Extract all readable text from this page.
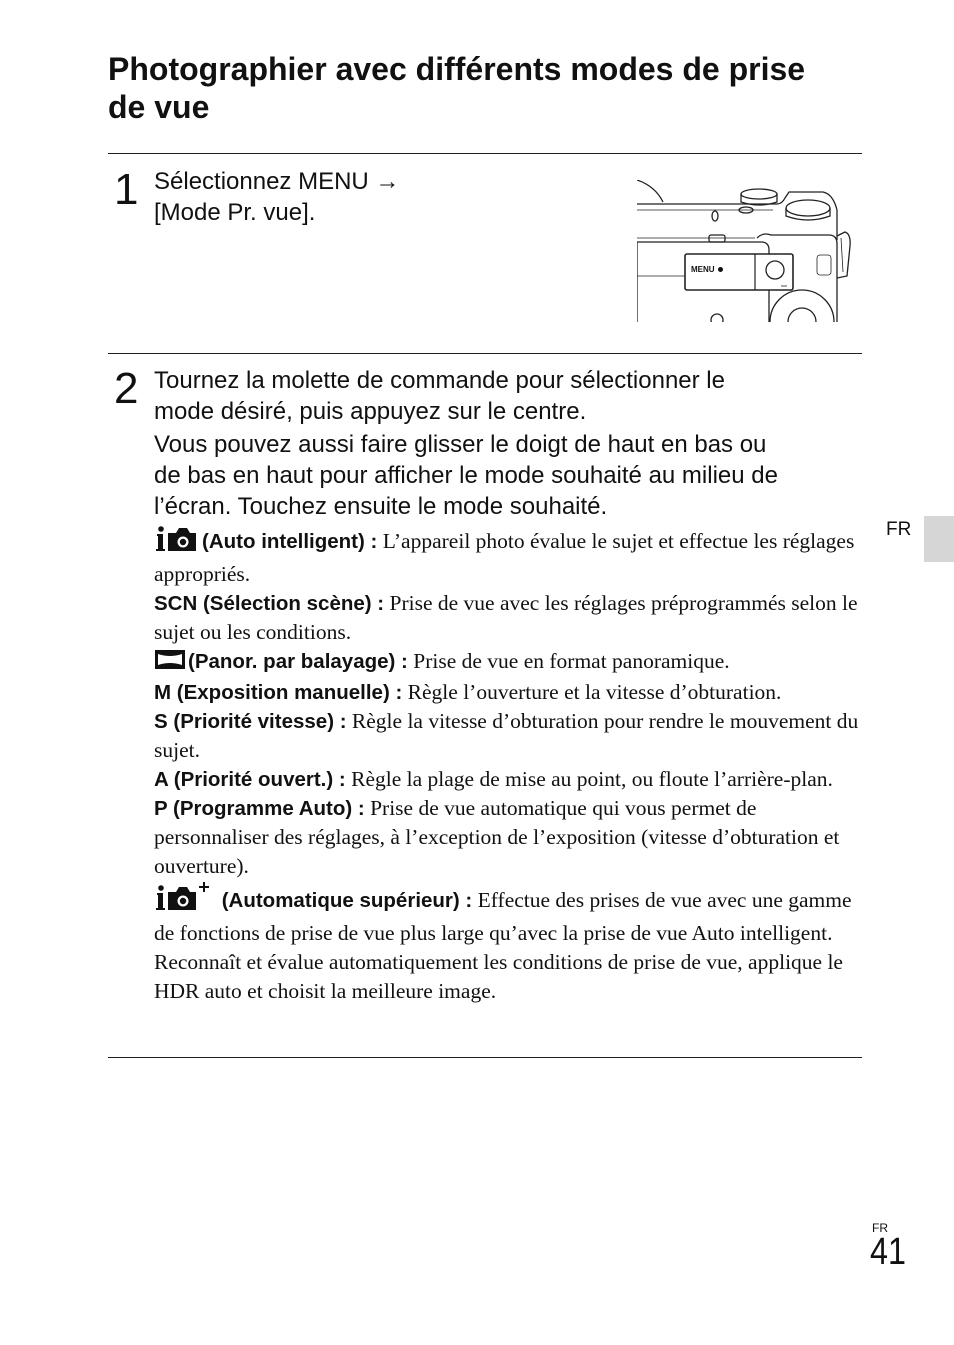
Photographier avec différents modes de prise de vue
1 Sélectionnez MENU →
[Mode Pr. vue].
MENU
2 Tournez la molette de commande pour sélectionner le
mode désiré, puis appuyez sur le centre.
Vous pouvez aussi faire glisser le doigt de haut en bas ou
de bas en haut pour afficher le mode souhaité au milieu de
l’écran. Touchez ensuite le mode souhaité.

(Auto intelligent) : L’appareil photo évalue le sujet et effectue les réglages appropriés.

SCN (Sélection scène) : Prise de vue avec les réglages préprogrammés selon le sujet ou les conditions.

(Panor. par balayage) : Prise de vue en format panoramique.

M (Exposition manuelle) : Règle l’ouverture et la vitesse d’obturation.

S (Priorité vitesse) : Règle la vitesse d’obturation pour rendre le mouvement du sujet.

A (Priorité ouvert.) : Règle la plage de mise au point, ou floute l’arrière-plan.

P (Programme Auto) : Prise de vue automatique qui vous permet de personnaliser des réglages, à l’exception de l’exposition (vitesse d’obturation et ouverture).

(Automatique supérieur) : Effectue des prises de vue avec une gamme de fonctions de prise de vue plus large qu’avec la prise de vue Auto intelligent. Reconnaît et évalue automatiquement les conditions de prise de vue, applique le HDR auto et choisit la meilleure image.

FR
FR
41
